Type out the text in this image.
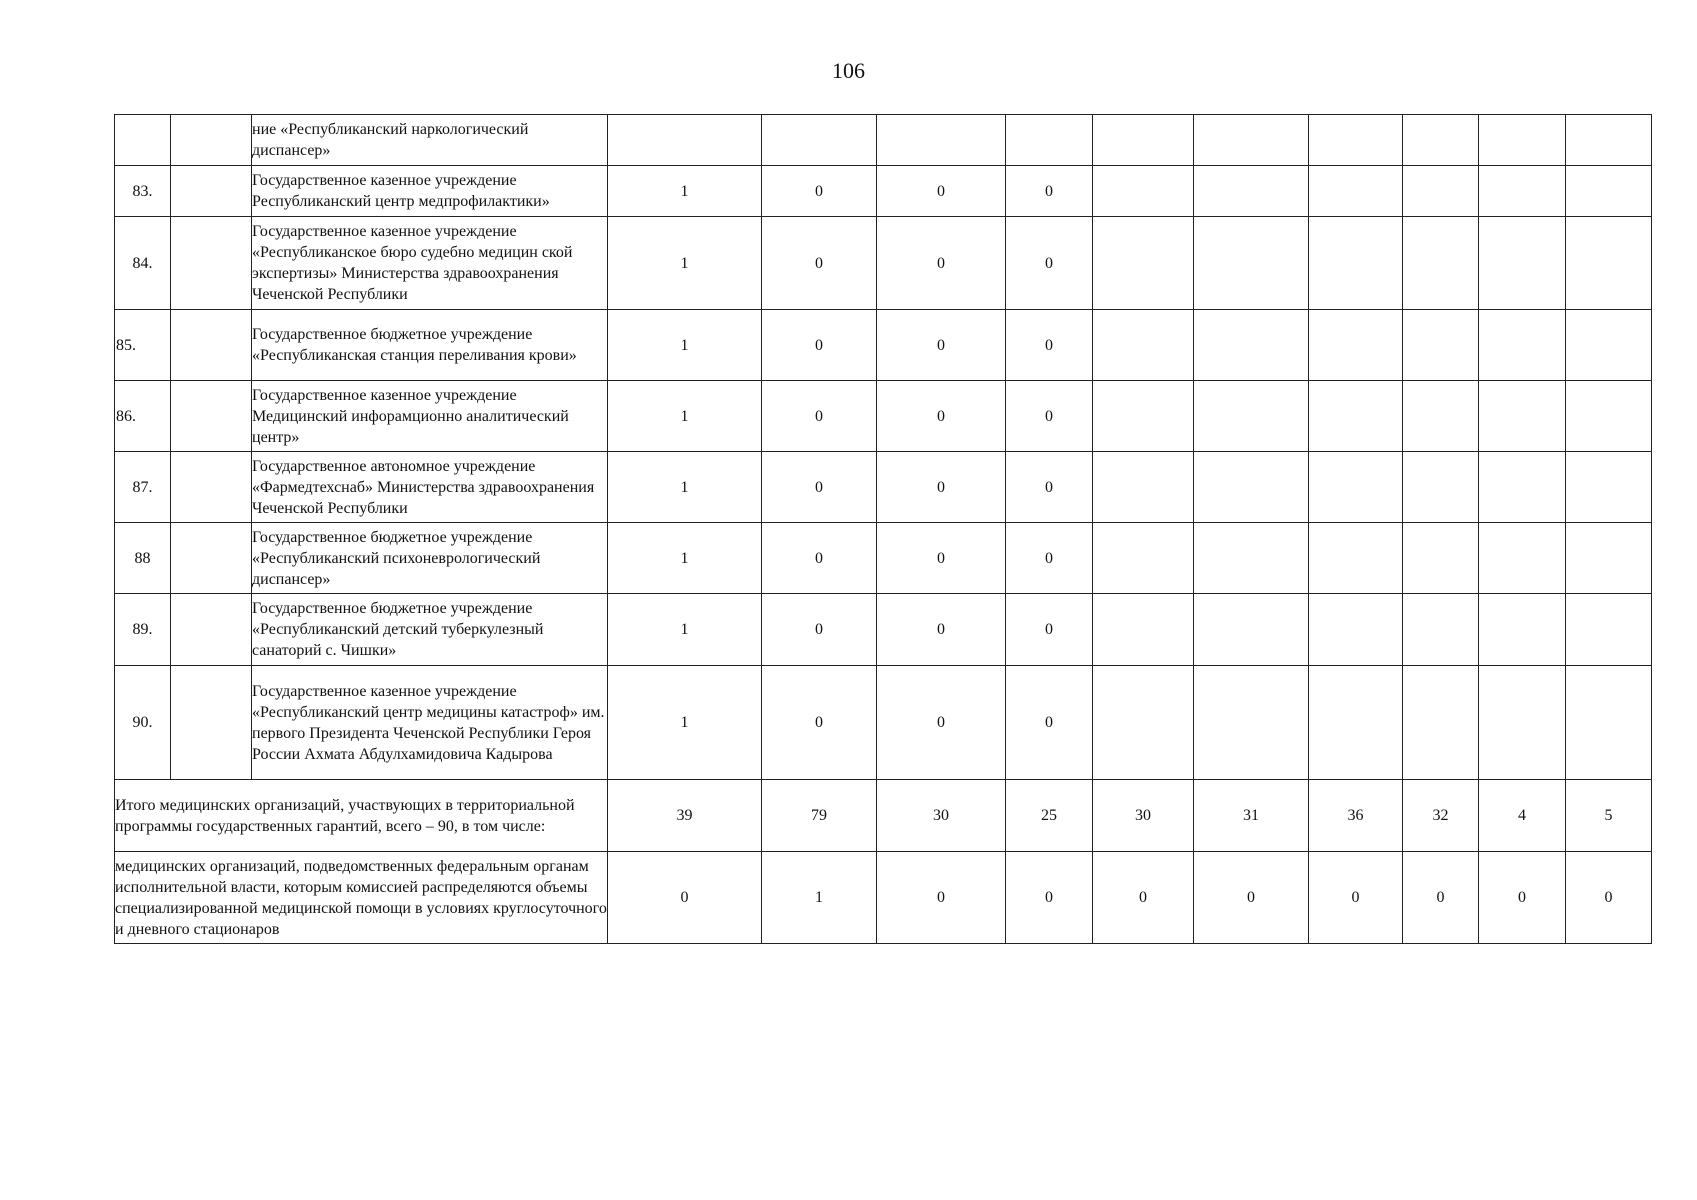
106
		ние «Республиканский наркологический диспансер»										
83.		Государственное казенное учреждение Республиканский центр медпрофилактики»	1	0	0	0						
84.		Государственное казенное учреждение «Республиканское бюро судебно медицин ской экспертизы» Министерства здравоохранения Чеченской Республики	1	0	0	0						
85.		Государственное бюджетное учреждение «Республиканская станция переливания крови»	1	0	0	0						
86.		Государственное казенное учреждение Медицинский инфорамционно аналитический центр»	1	0	0	0						
87.		Государственное автономное учреждение «Фармедтехснаб» Министерства здравоохранения Чеченской Республики	1	0	0	0						
88		Государственное бюджетное учреждение «Республиканский психоневрологический диспансер»	1	0	0	0						
89.		Государственное бюджетное учреждение «Республиканский детский туберкулезный санаторий с. Чишки»	1	0	0	0						
90.		Государственное казенное учреждение «Республиканский центр медицины катастроф» им. первого Президента Чеченской Республики Героя России Ахмата Абдулхамидовича Кадырова	1	0	0	0						
Итого медицинских организаций, участвующих в территориальной программы государственных гарантий, всего – 90, в том числе:			39	79	30	25	30	31	36	32	4	5
медицинских организаций, подведомственных федеральным органам исполнительной власти, которым комиссией распределяются объемы специализированной медицинской помощи в условиях круглосуточного и дневного стационаров			0	1	0	0	0	0	0	0	0	0
